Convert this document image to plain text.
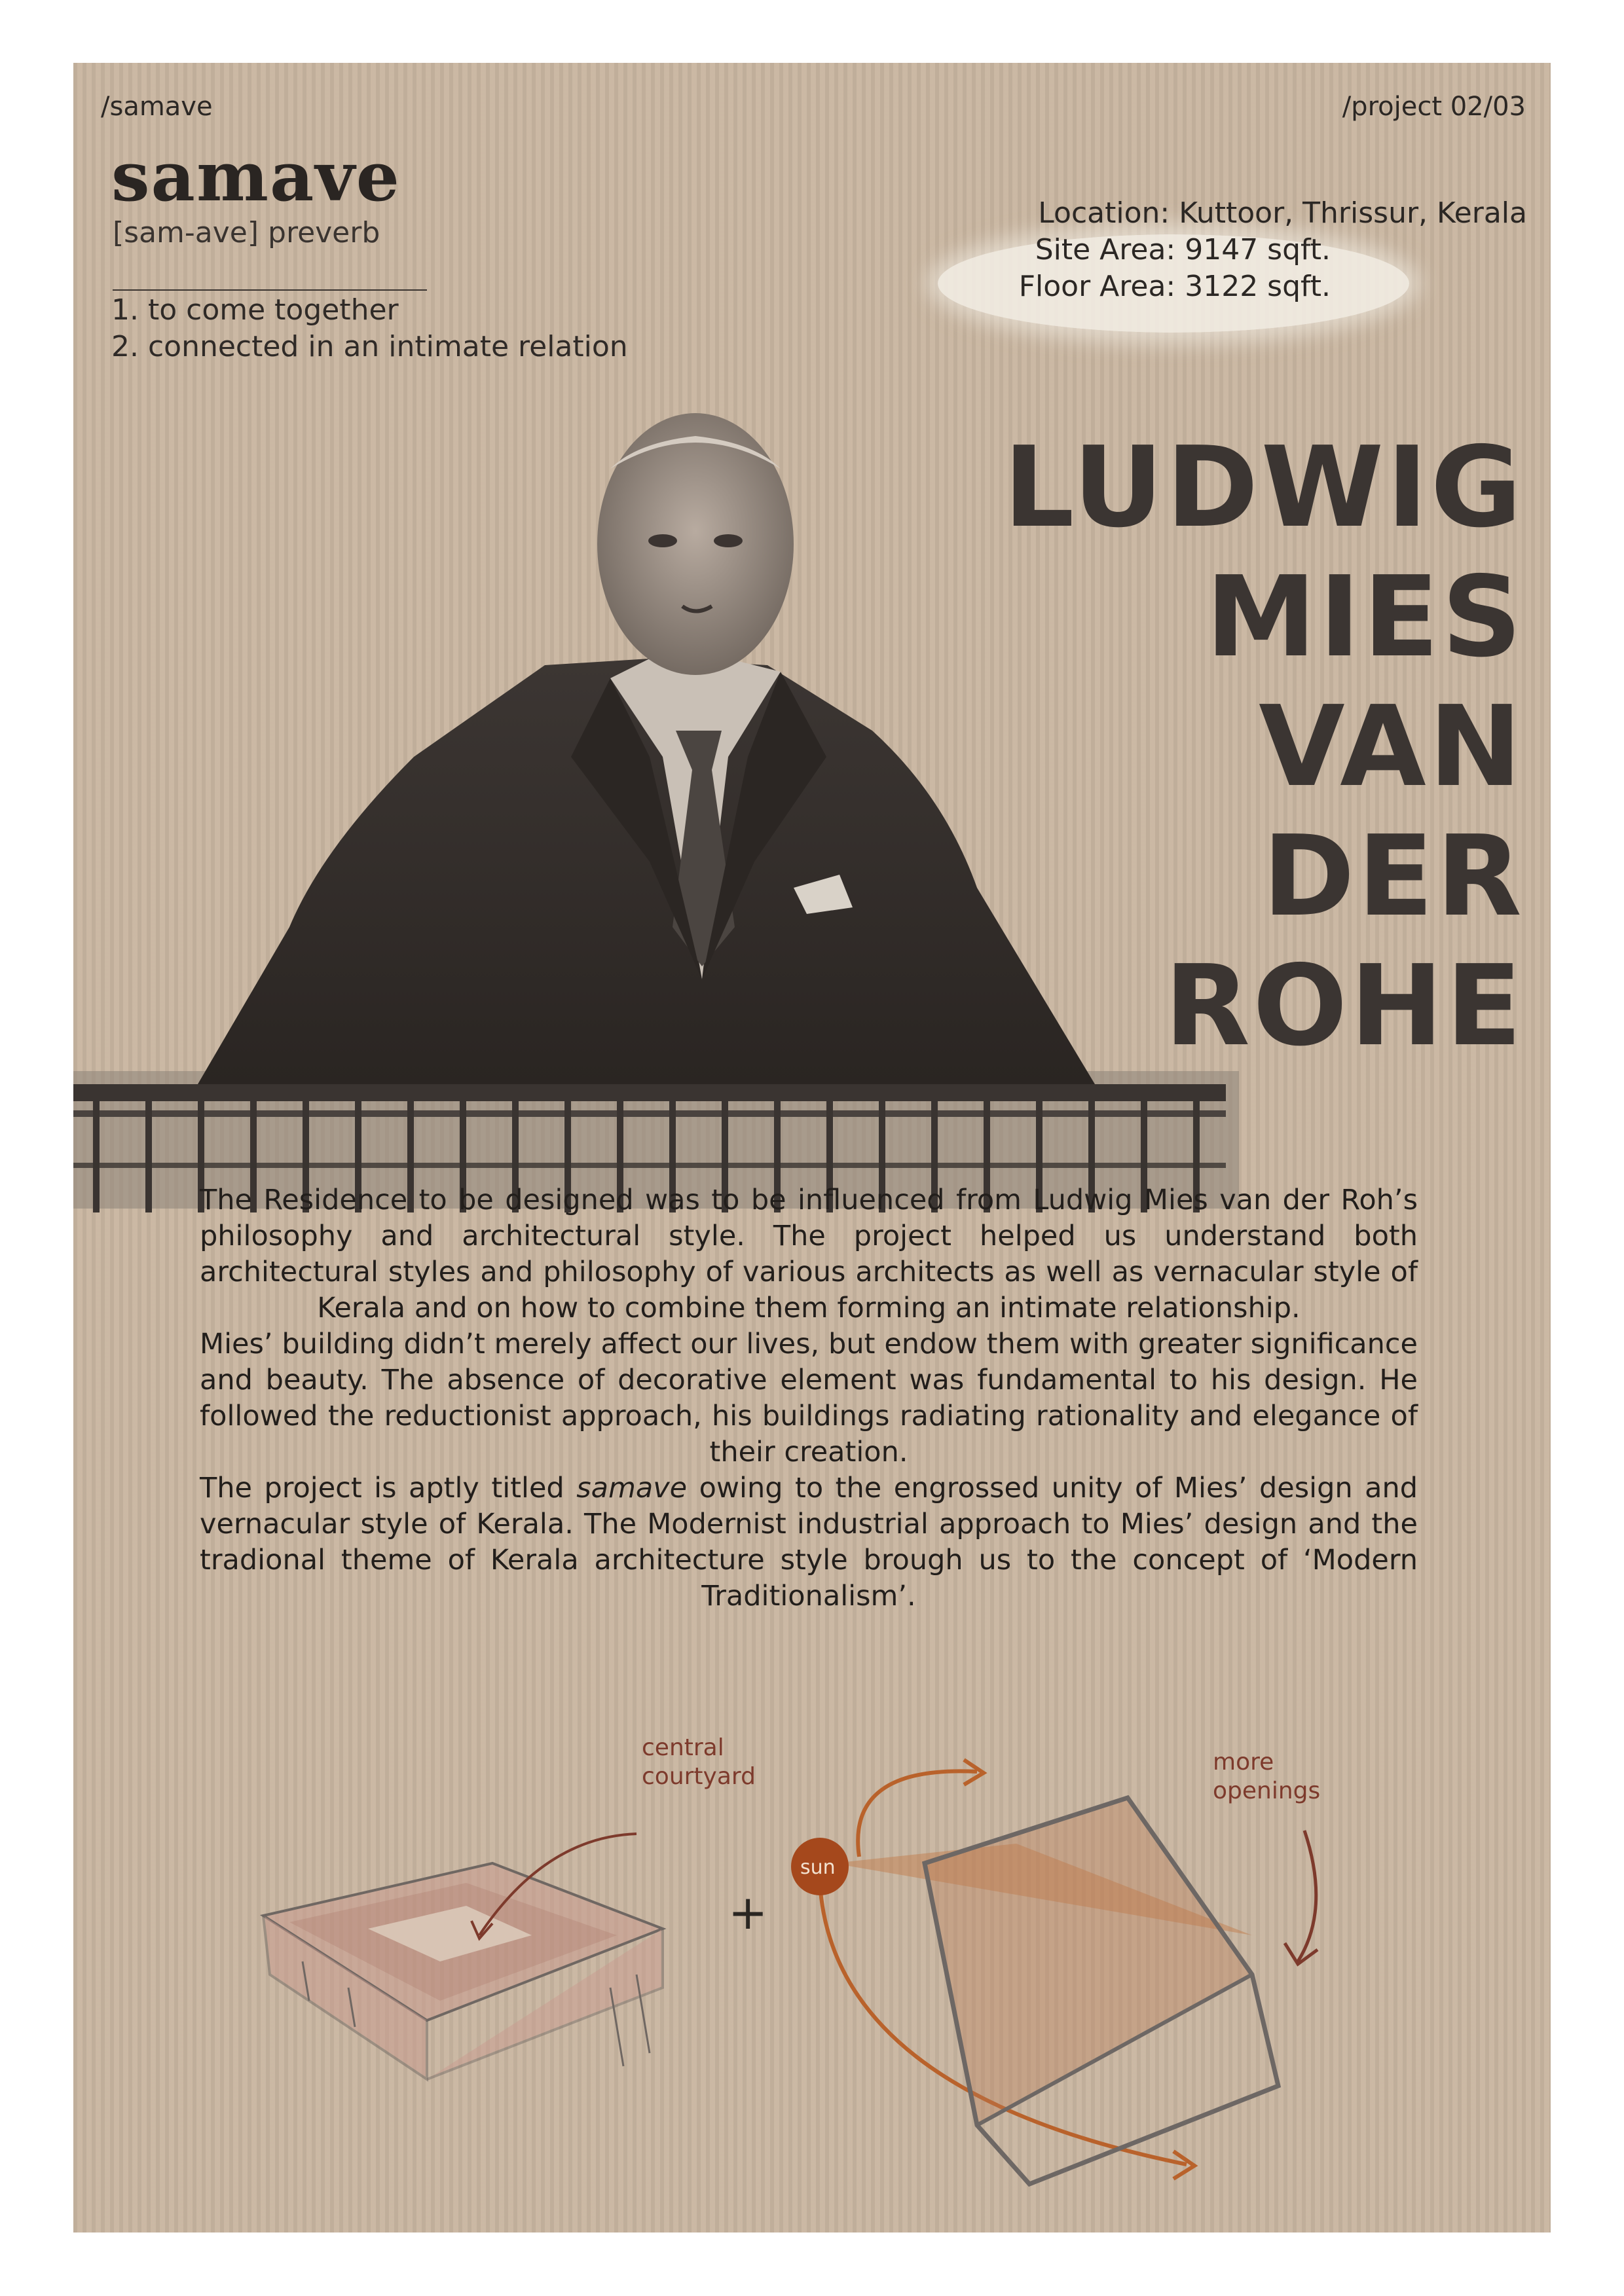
/samave	/project 02/03
samave
[sam-ave] preverb
1. to come together
2. connected in an intimate relation
Location: Kuttoor, Thrissur, Kerala
Site Area: 9147 sqft.
Floor Area: 3122 sqft.
LUDWIG
MIES
VAN
DER
ROHE

The Residence to be designed was to be influenced from Ludwig Mies van der Roh’s philosophy and architectural style. The project helped us understand both architectural styles and philosophy of various architects as well as vernacular style of Kerala and on how to combine them forming an intimate relationship.

Mies’ building didn’t merely affect our lives, but endow them with greater significance and beauty. The absence of decorative element was fundamental to his design. He followed the reductionist approach, his buildings radiating rationality and elegance of their creation.

The project is aptly titled samave owing to the engrossed unity of Mies’ design and vernacular style of Kerala. The Modernist industrial approach to Mies’ design and the tradional theme of Kerala architecture style brough us to the concept of ‘Modern Traditionalism’.

+
sun
central
courtyard
more
openings
